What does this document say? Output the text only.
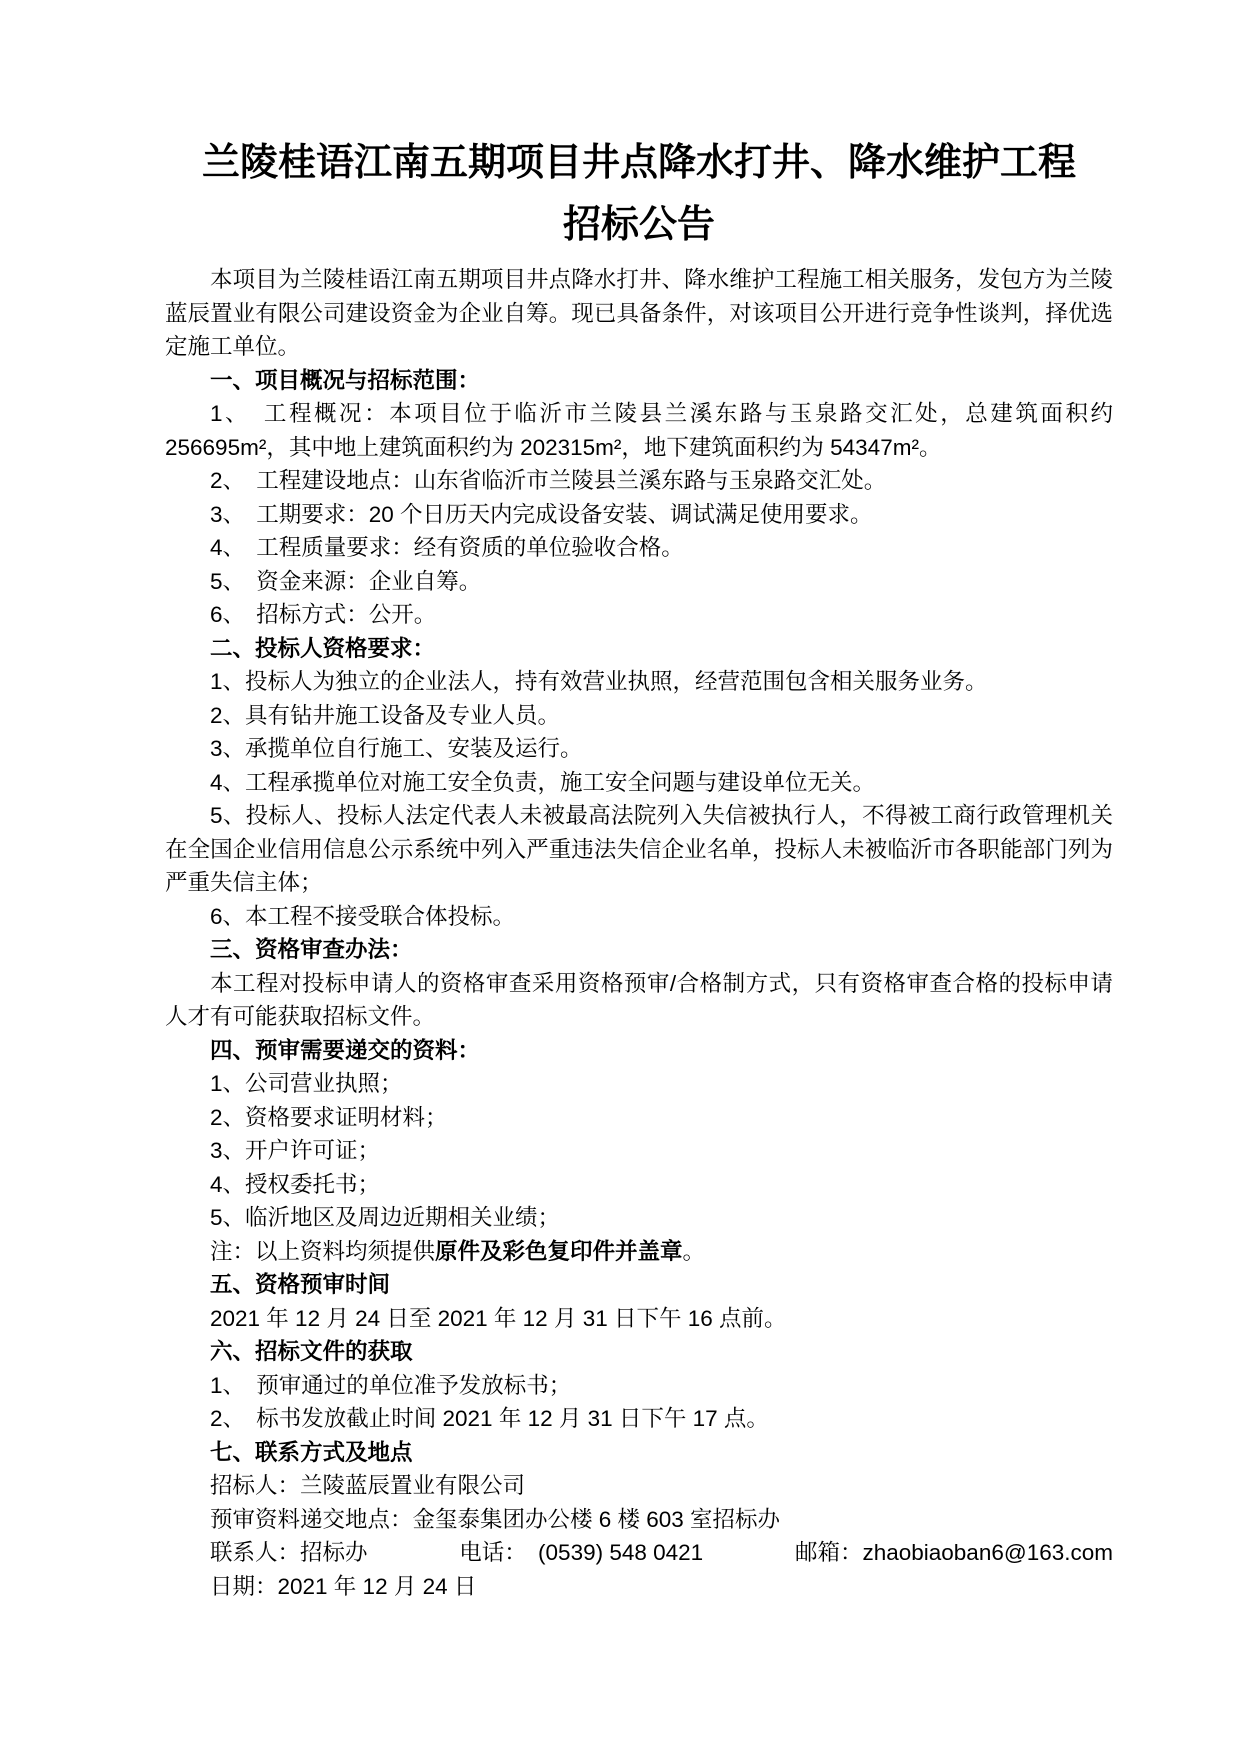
兰陵桂语江南五期项目井点降水打井、降水维护工程
招标公告

本项目为兰陵桂语江南五期项目井点降水打井、降水维护工程施工相关服务，发包方为兰陵蓝辰置业有限公司建设资金为企业自筹。现已具备条件，对该项目公开进行竞争性谈判，择优选定施工单位。

一、项目概况与招标范围：

1、　工程概况：本项目位于临沂市兰陵县兰溪东路与玉泉路交汇处，总建筑面积约 256695m²，其中地上建筑面积约为 202315m²，地下建筑面积约为 54347m²。

2、　工程建设地点：山东省临沂市兰陵县兰溪东路与玉泉路交汇处。

3、　工期要求：20 个日历天内完成设备安装、调试满足使用要求。

4、　工程质量要求：经有资质的单位验收合格。

5、　资金来源：企业自筹。

6、　招标方式：公开。

二、投标人资格要求：

1、投标人为独立的企业法人，持有效营业执照，经营范围包含相关服务业务。

2、具有钻井施工设备及专业人员。

3、承揽单位自行施工、安装及运行。

4、工程承揽单位对施工安全负责，施工安全问题与建设单位无关。

5、投标人、投标人法定代表人未被最高法院列入失信被执行人，不得被工商行政管理机关在全国企业信用信息公示系统中列入严重违法失信企业名单，投标人未被临沂市各职能部门列为严重失信主体；

6、本工程不接受联合体投标。

三、资格审查办法：

本工程对投标申请人的资格审查采用资格预审/合格制方式，只有资格审查合格的投标申请人才有可能获取招标文件。

四、预审需要递交的资料：

1、公司营业执照；

2、资格要求证明材料；

3、开户许可证；

4、授权委托书；

5、临沂地区及周边近期相关业绩；

注：以上资料均须提供原件及彩色复印件并盖章。

五、资格预审时间

2021 年 12 月 24 日至 2021 年 12 月 31 日下午 16 点前。

六、招标文件的获取

1、　预审通过的单位准予发放标书；

2、　标书发放截止时间 2021 年 12 月 31 日下午 17 点。

七、联系方式及地点

招标人：兰陵蓝辰置业有限公司

预审资料递交地点：金玺泰集团办公楼 6 楼 603 室招标办

联系人：招标办	电话：　(0539) 548 0421	邮箱：zhaobiaoban6@163.com

日期：2021 年 12 月 24 日
